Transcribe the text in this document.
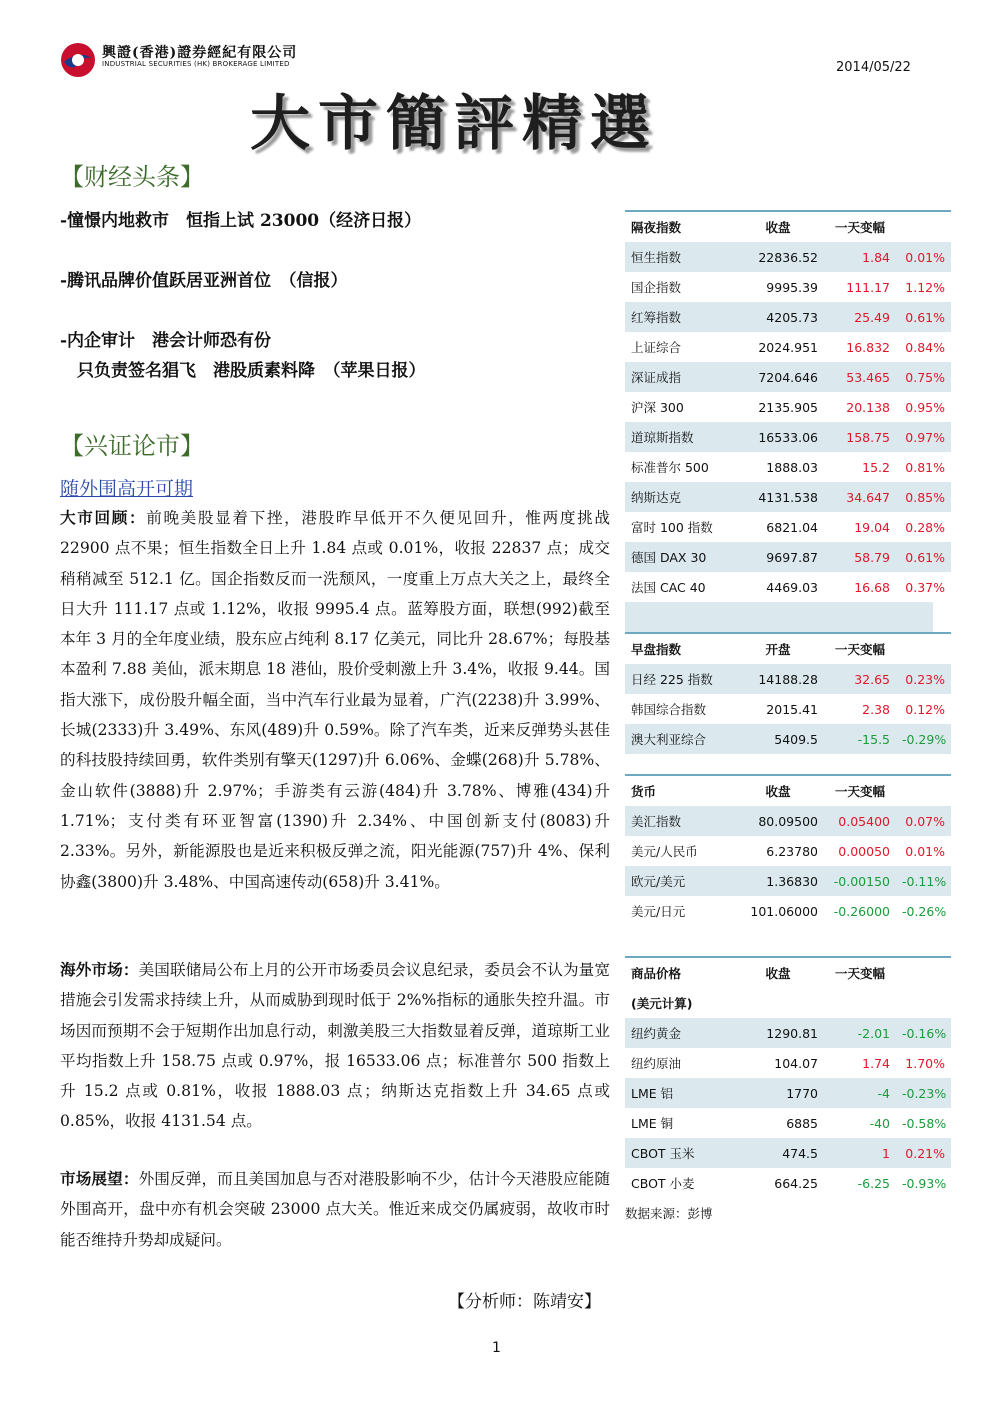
興證(香港)證券經紀有限公司
INDUSTRIAL SECURITIES (HK) BROKERAGE LIMITED	2014/05/22
大市簡評精選
【财经头条】
-憧憬内地救市　恒指上试 23000（经济日报）
-腾讯品牌价值跃居亚洲首位　（信报）
-内企审计　港会计师恐有份
　只负责签名猖飞　港股质素料降　（苹果日报）
【兴证论市】
随外围高开可期
大市回顾：前晚美股显着下挫，港股昨早低开不久便见回升，惟两度挑战 22900 点不果；恒生指数全日上升 1.84 点或 0.01%，收报 22837 点；成交稍稍减至 512.1 亿。国企指数反而一洗颓风，一度重上万点大关之上，最终全日大升 111.17 点或 1.12%，收报 9995.4 点。蓝筹股方面，联想(992)截至本年 3 月的全年度业绩，股东应占纯利 8.17 亿美元，同比升 28.67%；每股基本盈利 7.88 美仙，派末期息 18 港仙，股价受刺激上升 3.4%，收报 9.44。国指大涨下，成份股升幅全面，当中汽车行业最为显着，广汽(2238)升 3.99%、长城(2333)升 3.49%、东风(489)升 0.59%。除了汽车类，近来反弹势头甚佳的科技股持续回勇，软件类别有擎天(1297)升 6.06%、金蝶(268)升 5.78%、金山软件(3888)升 2.97%；手游类有云游(484)升 3.78%、博雅(434)升 1.71%；支付类有环亚智富(1390)升 2.34%、中国创新支付(8083)升 2.33%。另外，新能源股也是近来积极反弹之流，阳光能源(757)升 4%、保利协鑫(3800)升 3.48%、中国高速传动(658)升 3.41%。
海外市场：美国联储局公布上月的公开市场委员会议息纪录，委员会不认为量宽措施会引发需求持续上升，从而威胁到现时低于 2%%指标的通胀失控升温。市场因而预期不会于短期作出加息行动，刺激美股三大指数显着反弹，道琼斯工业平均指数上升 158.75 点或 0.97%，报 16533.06 点；标准普尔 500 指数上升 15.2 点或 0.81%，收报 1888.03 点；纳斯达克指数上升 34.65 点或 0.85%，收报 4131.54 点。
市场展望：外围反弹，而且美国加息与否对港股影响不少，估计今天港股应能随外围高开，盘中亦有机会突破 23000 点大关。惟近来成交仍属疲弱，故收市时能否维持升势却成疑问。
【分析师：陈靖安】
1
隔夜指数	收盘	一天变幅	
恒生指数	22836.52	1.84	0.01%
国企指数	9995.39	111.17	1.12%
红筹指数	4205.73	25.49	0.61%
上证综合	2024.951	16.832	0.84%
深证成指	7204.646	53.465	0.75%
沪深 300	2135.905	20.138	0.95%
道琼斯指数	16533.06	158.75	0.97%
标准普尔 500	1888.03	15.2	0.81%
纳斯达克	4131.538	34.647	0.85%
富时 100 指数	6821.04	19.04	0.28%
德国 DAX 30	9697.87	58.79	0.61%
法国 CAC 40	4469.03	16.68	0.37%
早盘指数	开盘	一天变幅	
日经 225 指数	14188.28	32.65	0.23%
韩国综合指数	2015.41	2.38	0.12%
澳大利亚综合	5409.5	-15.5	-0.29%
货币	收盘	一天变幅	
美汇指数	80.09500	0.05400	0.07%
美元/人民币	6.23780	0.00050	0.01%
欧元/美元	1.36830	-0.00150	-0.11%
美元/日元	101.06000	-0.26000	-0.26%
商品价格	收盘	一天变幅	
(美元计算)			
纽约黄金	1290.81	-2.01	-0.16%
纽约原油	104.07	1.74	1.70%
LME 铝	1770	-4	-0.23%
LME 铜	6885	-40	-0.58%
CBOT 玉米	474.5	1	0.21%
CBOT 小麦	664.25	-6.25	-0.93%
数据来源：彭博
